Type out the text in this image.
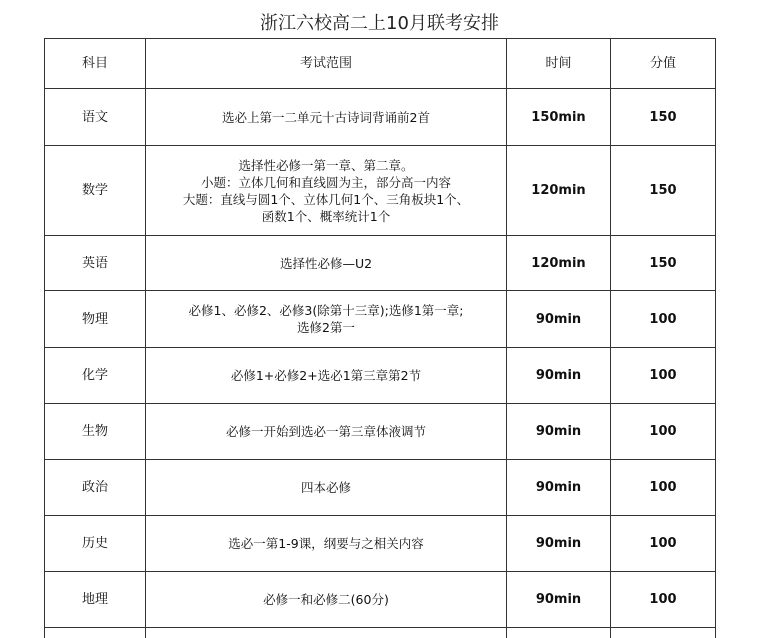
浙江六校高二上10月联考安排
科目	考试范围	时间	分值
语文	选必上第一二单元十古诗词背诵前2首	150min	150
数学	选择性必修一第一章、第二章。
小题：立体几何和直线圆为主，部分高一内容
大题：直线与圆1个、立体几何1个、三角板块1个、
函数1个、概率统计1个	120min	150
英语	选择性必修—U2	120min	150
物理	必修1、必修2、必修3(除第十三章);选修1第一章;
选修2第一	90min	100
化学	必修1+必修2+选必1第三章第2节	90min	100
生物	必修一开始到选必一第三章体液调节	90min	100
政治	四本必修	90min	100
历史	选必一第1-9课，纲要与之相关内容	90min	100
地理	必修一和必修二(60分)	90min	100
